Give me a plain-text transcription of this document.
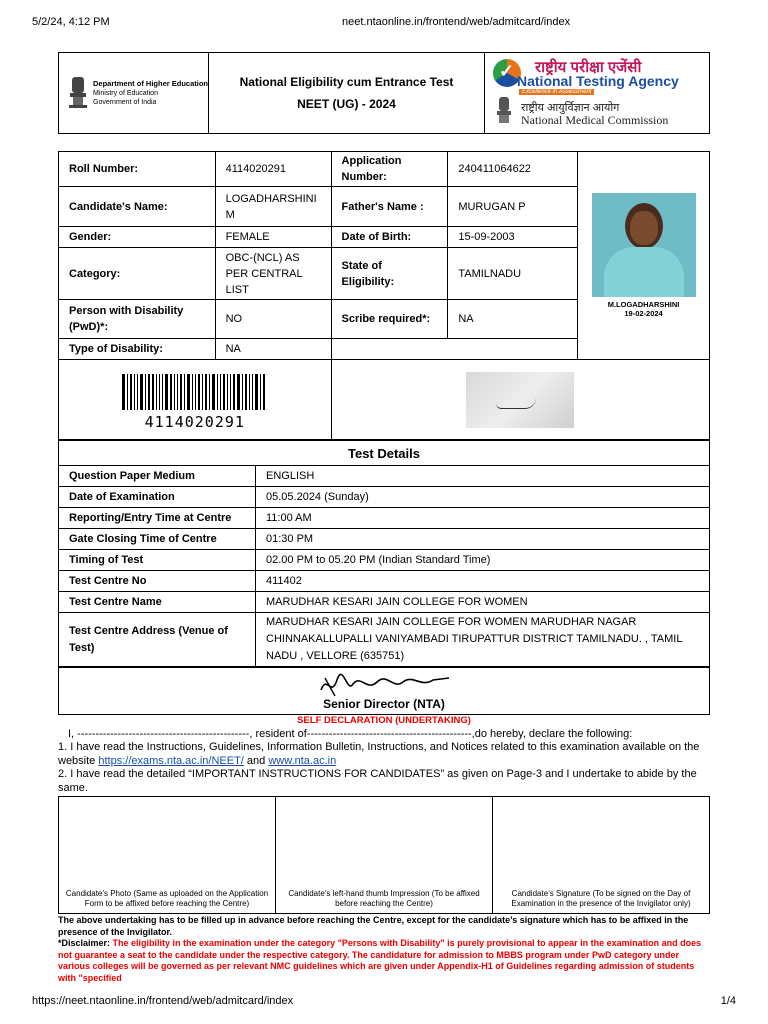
5/2/24, 4:12 PM	neet.ntaonline.in/frontend/web/admitcard/index
Department of Higher Education
Ministry of Education
Government of India
National Eligibility cum Entrance Test
NEET (UG) - 2024
✓
राष्ट्रीय परीक्षा एजेंसी
National Testing Agency
Excellence in Assessment
राष्ट्रीय आयुर्विज्ञान आयोग
National Medical Commission
Roll Number:	4114020291	Application Number:	240411064622	M.LOGADHARSHINI
19-02-2024

Candidate's Name:	LOGADHARSHINI M	Father's Name :	MURUGAN P	
Gender:	FEMALE	Date of Birth:	15-09-2003	
Category:	OBC-(NCL) AS PER CENTRAL LIST	State of Eligibility:	TAMILNADU	
Person with Disability (PwD)*:	NO	Scribe required*:	NA	
Type of Disability:	NA			

4114020291				

Test Details	
Question Paper Medium	ENGLISH
Date of Examination	05.05.2024 (Sunday)
Reporting/Entry Time at Centre	11:00 AM
Gate Closing Time of Centre	01:30 PM
Timing of Test	02.00 PM to 05.20 PM (Indian Standard Time)
Test Centre No	411402
Test Centre Name	MARUDHAR KESARI JAIN COLLEGE FOR WOMEN
Test Centre Address (Venue of Test)	MARUDHAR KESARI JAIN COLLEGE FOR WOMEN MARUDHAR NAGAR CHINNAKALLUPALLI VANIYAMBADI TIRUPATTUR DISTRICT TAMILNADU. , TAMIL NADU , VELLORE (635751)
Senior Director (NTA)
SELF DECLARATION (UNDERTAKING)
I, -----------------------------------------------, resident of---------------------------------------------,do hereby, declare the following:
1. I have read the Instructions, Guidelines, Information Bulletin, Instructions, and Notices related to this examination available on the website https://exams.nta.ac.in/NEET/ and www.nta.ac.in
2. I have read the detailed “IMPORTANT INSTRUCTIONS FOR CANDIDATES” as given on Page-3 and I undertake to abide by the same.
Candidate’s Photo (Same as uploaded on the Application Form to be affixed before reaching the Centre)
Candidate’s left-hand thumb Impression (To be affixed before reaching the Centre)
Candidate’s Signature (To be signed on the Day of Examination in the presence of the Invigilator only)
The above undertaking has to be filled up in advance before reaching the Centre, except for the candidate’s signature which has to be affixed in the presence of the Invigilator.
*Disclaimer: The eligibility in the examination under the category "Persons with Disability" is purely provisional to appear in the examination and does not guarantee a seat to the candidate under the respective category. The candidature for admission to MBBS program under PwD category under various colleges will be governed as per relevant NMC guidelines which are given under Appendix-H1 of Guidelines regarding admission of students with "specified
https://neet.ntaonline.in/frontend/web/admitcard/index	1/4
